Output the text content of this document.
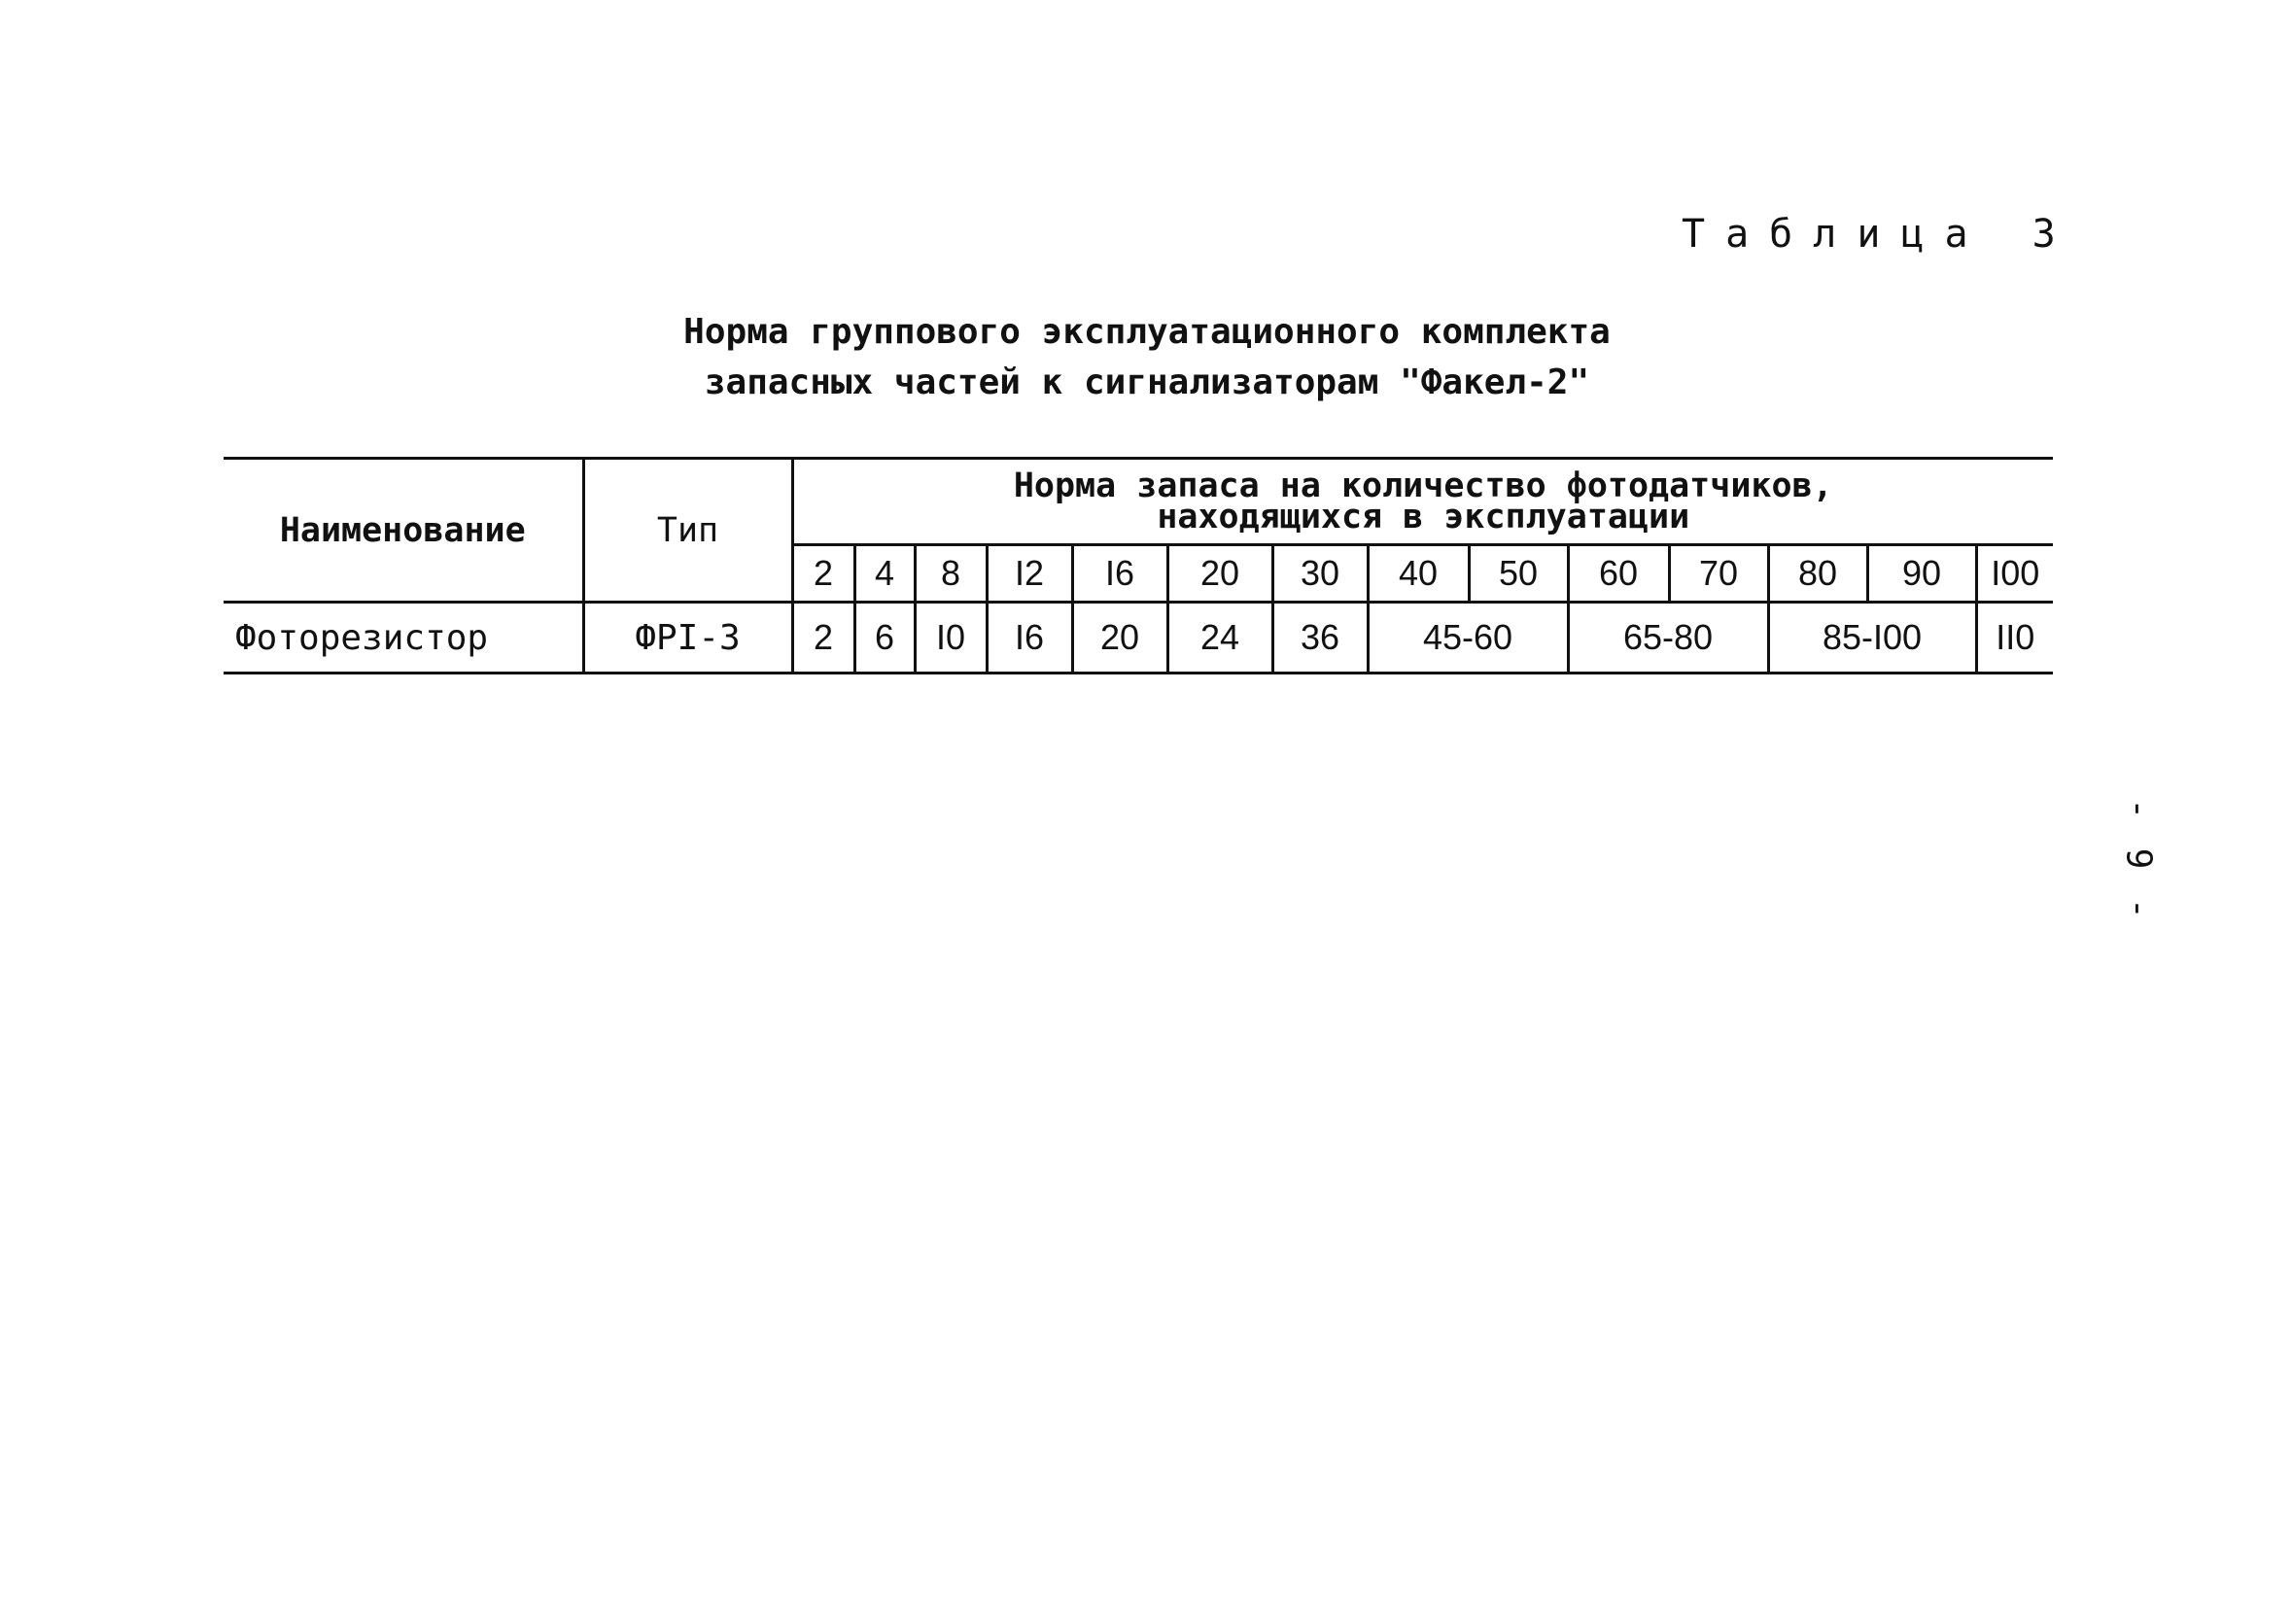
Таблица 3
Норма группового эксплуатационного комплекта
запасных частей к сигнализаторам "Факел-2"
Наименование	Тип	Норма запаса на количество фотодатчиков,
находящихся в эксплуатации													

		2	4	8	I2	I6	20	30	40	50	60	70	80	90	I00
Фоторезистор	ФРI-3	2	6	I0	I6	20	24	36	45-60		65-80		85-I00		II0
- 9 -
